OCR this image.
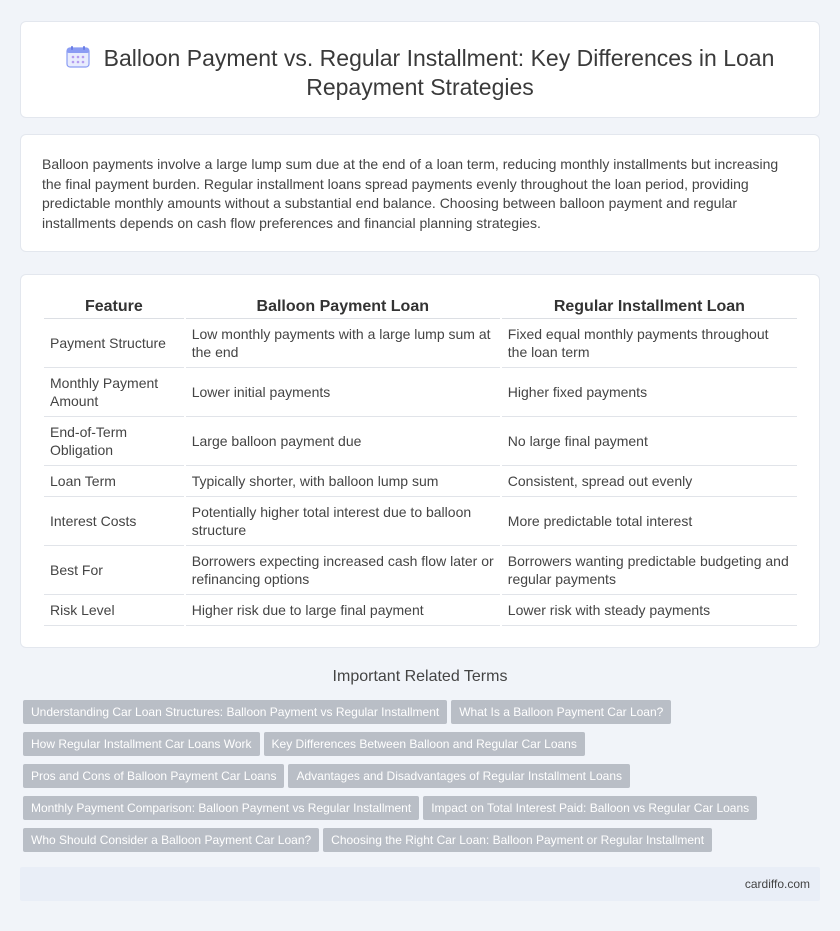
Balloon Payment vs. Regular Installment: Key Differences in Loan Repayment Strategies

Balloon payments involve a large lump sum due at the end of a loan term, reducing monthly installments but increasing the final payment burden. Regular installment loans spread payments evenly throughout the loan period, providing predictable monthly amounts without a substantial end balance. Choosing between balloon payment and regular installments depends on cash flow preferences and financial planning strategies.

Feature	Balloon Payment Loan	Regular Installment Loan
Payment Structure	Low monthly payments with a large lump sum at the end	Fixed equal monthly payments throughout the loan term
Monthly Payment Amount	Lower initial payments	Higher fixed payments
End-of-Term Obligation	Large balloon payment due	No large final payment
Loan Term	Typically shorter, with balloon lump sum	Consistent, spread out evenly
Interest Costs	Potentially higher total interest due to balloon structure	More predictable total interest
Best For	Borrowers expecting increased cash flow later or refinancing options	Borrowers wanting predictable budgeting and regular payments
Risk Level	Higher risk due to large final payment	Lower risk with steady payments
Important Related Terms
Understanding Car Loan Structures: Balloon Payment vs Regular Installment What Is a Balloon Payment Car Loan?
How Regular Installment Car Loans Work Key Differences Between Balloon and Regular Car Loans
Pros and Cons of Balloon Payment Car Loans Advantages and Disadvantages of Regular Installment Loans
Monthly Payment Comparison: Balloon Payment vs Regular Installment Impact on Total Interest Paid: Balloon vs Regular Car Loans
Who Should Consider a Balloon Payment Car Loan? Choosing the Right Car Loan: Balloon Payment or Regular Installment
cardiffo.com
